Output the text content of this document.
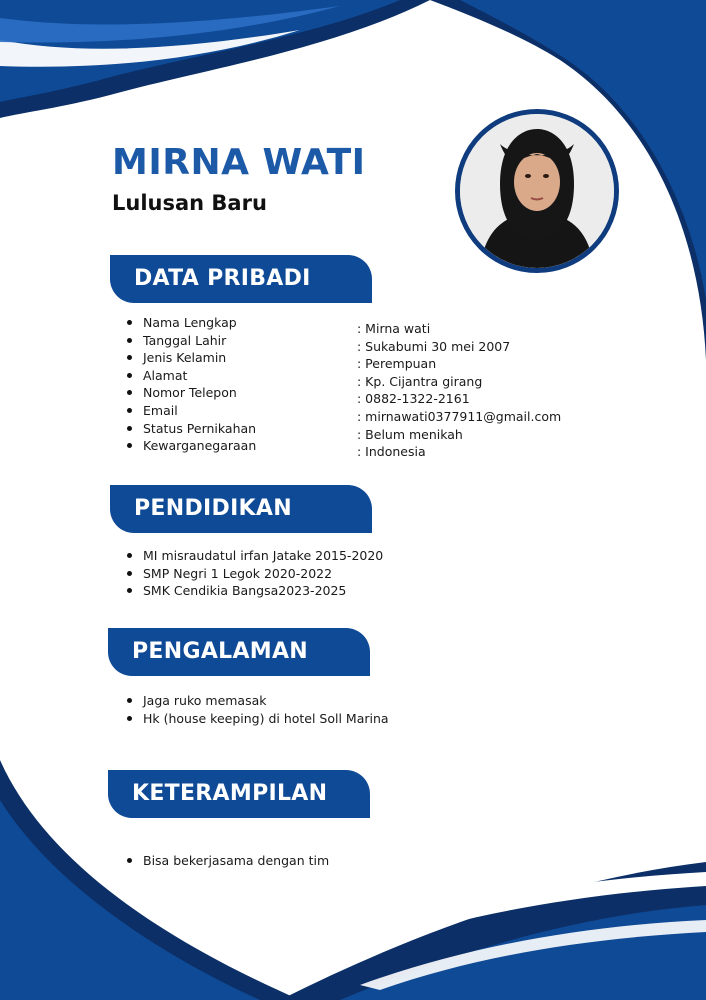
MIRNA WATI
Lulusan Baru
DATA PRIBADI
Nama Lengkap
Tanggal Lahir
Jenis Kelamin
Alamat
Nomor Telepon
Email
Status Pernikahan
Kewarganegaraan
: Mirna wati
: Sukabumi 30 mei 2007
: Perempuan
: Kp. Cijantra girang
: 0882-1322-2161
: mirnawati0377911@gmail.com
: Belum menikah
: Indonesia
PENDIDIKAN
MI misraudatul irfan Jatake 2015-2020
SMP Negri 1 Legok 2020-2022
SMK Cendikia Bangsa2023-2025
PENGALAMAN
Jaga ruko memasak
Hk (house keeping) di hotel Soll Marina
KETERAMPILAN
Bisa bekerjasama dengan tim
